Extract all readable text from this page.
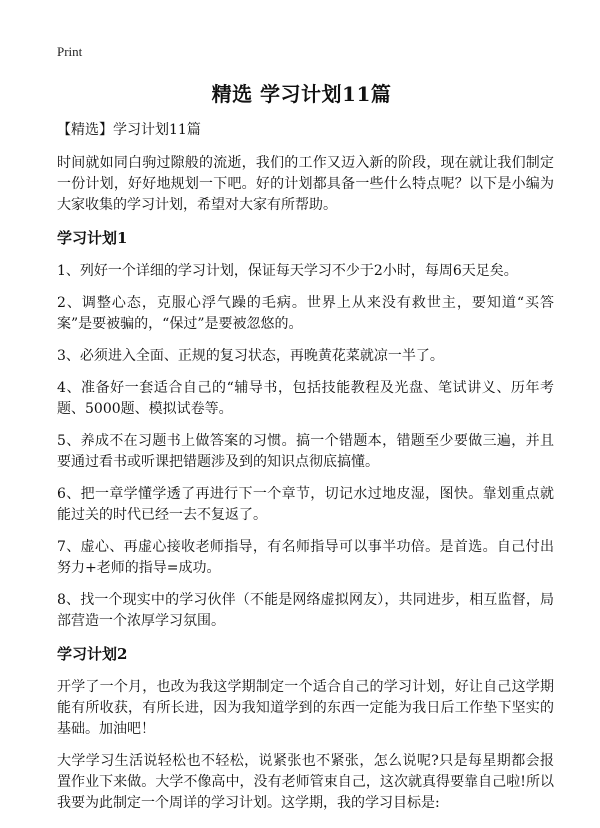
Print
精选 学习计划11篇

【精选】学习计划11篇

时间就如同白驹过隙般的流逝，我们的工作又迈入新的阶段，现在就让我们制定一份计划，好好地规划一下吧。好的计划都具备一些什么特点呢？以下是小编为大家收集的学习计划，希望对大家有所帮助。

学习计划1

1、列好一个详细的学习计划，保证每天学习不少于2小时，每周6天足矣。

2、调整心态，克服心浮气躁的毛病。世界上从来没有救世主，要知道“买答案”是要被骗的，“保过”是要被忽悠的。

3、必须进入全面、正规的复习状态，再晚黄花菜就凉一半了。

4、准备好一套适合自己的“辅导书，包括技能教程及光盘、笔试讲义、历年考题、5000题、模拟试卷等。

5、养成不在习题书上做答案的习惯。搞一个错题本，错题至少要做三遍，并且要通过看书或听课把错题涉及到的知识点彻底搞懂。

6、把一章学懂学透了再进行下一个章节，切记水过地皮湿，图快。靠划重点就能过关的时代已经一去不复返了。

7、虚心、再虚心接收老师指导，有名师指导可以事半功倍。是首选。自己付出努力+老师的指导=成功。

8、找一个现实中的学习伙伴（不能是网络虚拟网友），共同进步，相互监督，局部营造一个浓厚学习氛围。

学习计划2

开学了一个月，也改为我这学期制定一个适合自己的学习计划，好让自己这学期能有所收获，有所长进，因为我知道学到的东西一定能为我日后工作垫下坚实的基础。加油吧！

大学学习生活说轻松也不轻松，说紧张也不紧张，怎么说呢?只是每星期都会报置作业下来做。大学不像高中，没有老师管束自己，这次就真得要靠自己啦!所以我要为此制定一个周详的学习计划。这学期，我的学习目标是:
